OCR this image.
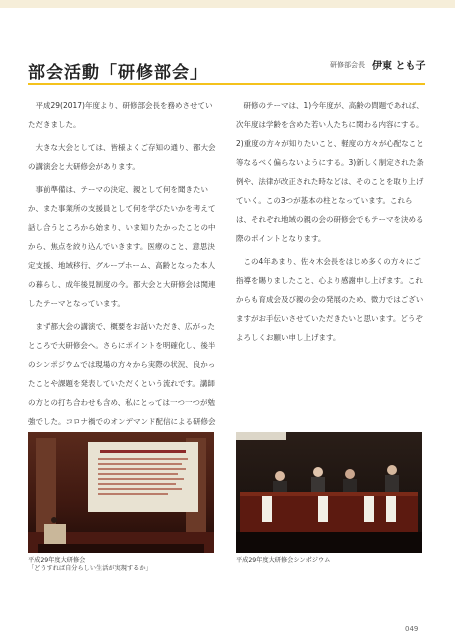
部会活動「研修部会」	研修部会長 伊東 とも子

平成29(2017)年度より、研修部会長を務めさせていただきました。

大きな大会としては、皆様よくご存知の通り、都大会の講演会と大研修会があります。

事前準備は、テーマの決定、親として何を聞きたいか、また事業所の支援員として何を学びたいかを考えて話し合うところから始まり、いま知りたかったことの中から、焦点を絞り込んでいきます。医療のこと、意思決定支援、地域移行、グループホーム、高齢となった本人の暮らし、成年後見制度の今。都大会と大研修会は関連したテーマとなっています。

まず都大会の講演で、概要をお話いただき、広がったところで大研修会へ。さらにポイントを明確化し、後半のシンポジウムでは現場の方々から実際の状況、良かったことや課題を発表していただくという流れです。講師の方との打ち合わせも含め、私にとっては一つ一つが勉強でした。コロナ禍でのオンデマンド配信による研修会

研修のテーマは、1)今年度が、高齢の問題であれば、次年度は学齢を含めた若い人たちに関わる内容にする。2)重度の方々が知りたいこと、軽度の方々が心配なこと等なるべく偏らないようにする。3)新しく制定された条例や、法律が改正された時などは、そのことを取り上げていく。この3つが基本の柱となっています。これらは、それぞれ地域の親の会の研修会でもテーマを決める際のポイントとなります。

この4年あまり、佐々木会長をはじめ多くの方々にご指導を賜りましたこと、心より感謝申し上げます。これからも育成会及び親の会の発展のため、微力ではございますがお手伝いさせていただきたいと思います。どうぞよろしくお願い申し上げます。

平成29年度大研修会
「どうすれば自分らしい生活が実現するか」
平成29年度大研修会シンポジウム
049
